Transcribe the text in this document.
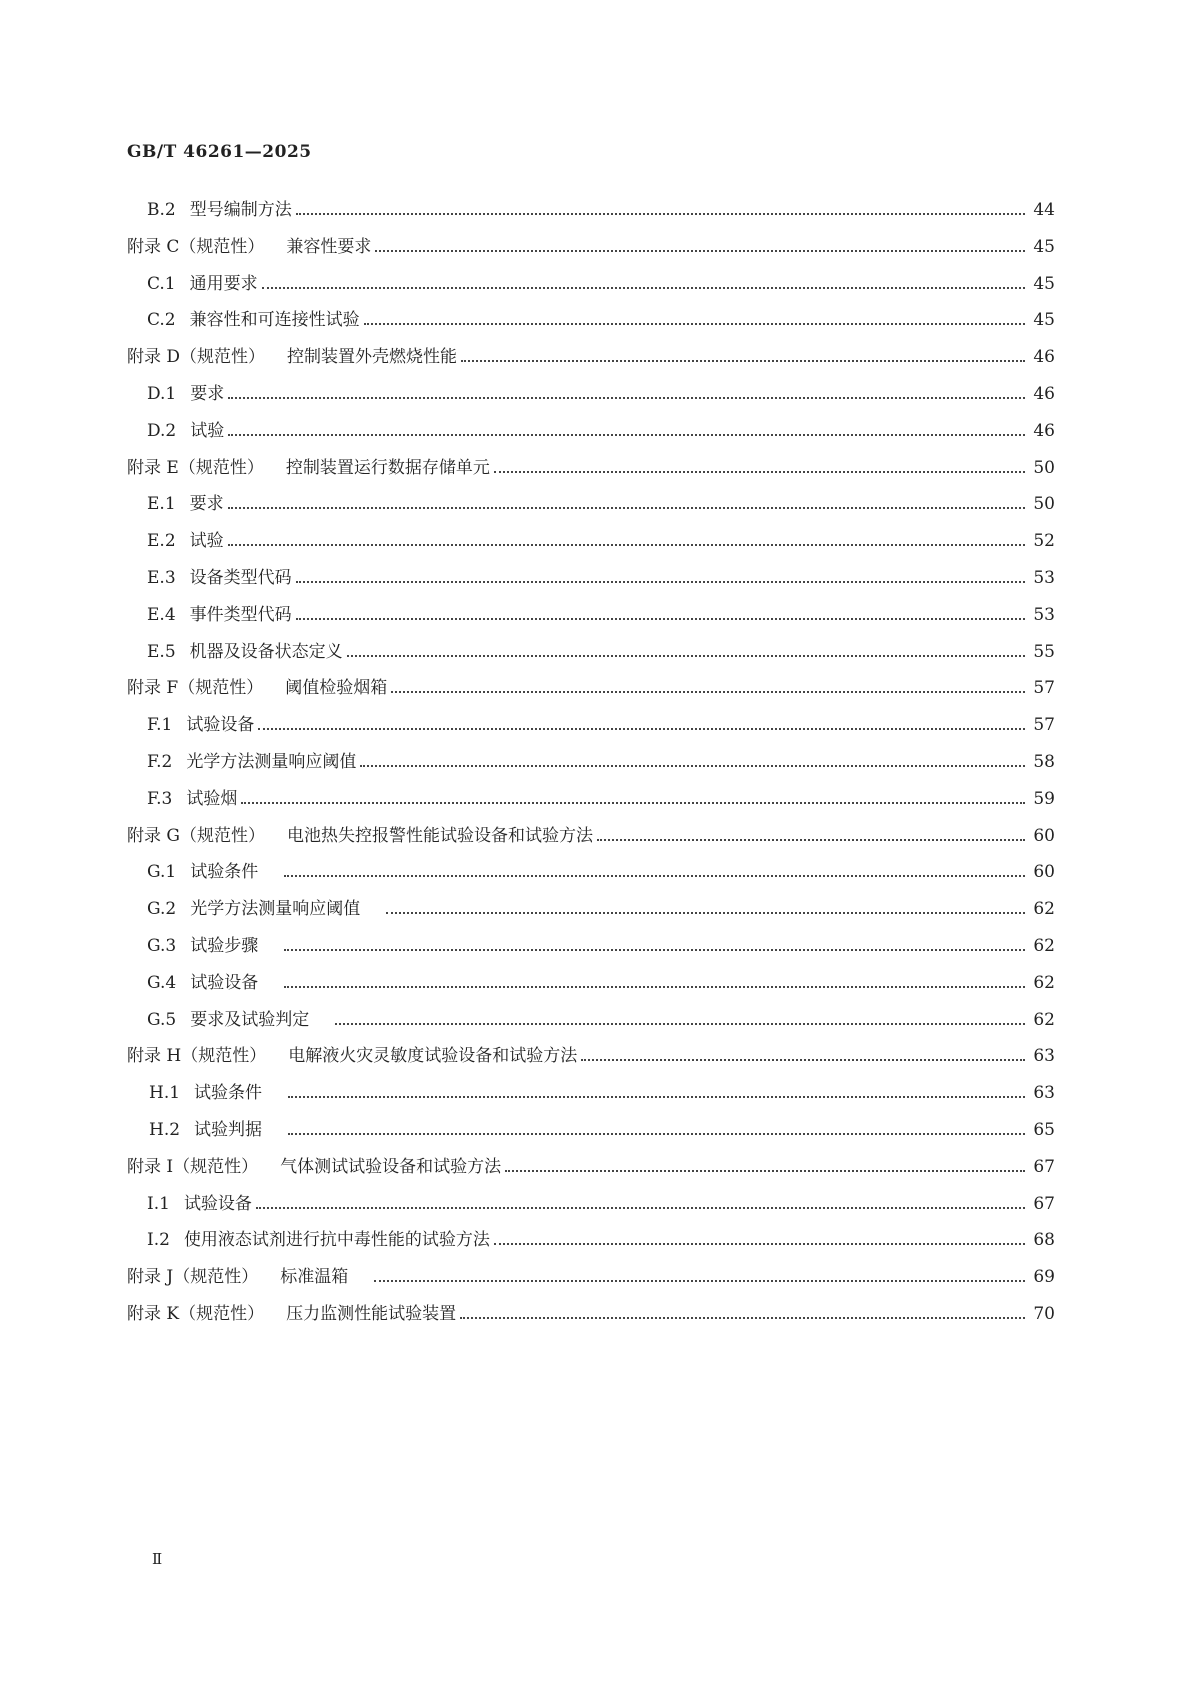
GB/T 46261—2025
B.2 型号编制方法	44
附录 C（规范性） 兼容性要求	45
C.1 通用要求	45
C.2 兼容性和可连接性试验	45
附录 D（规范性） 控制装置外壳燃烧性能	46
D.1 要求	46
D.2 试验	46
附录 E（规范性） 控制装置运行数据存储单元	50
E.1 要求	50
E.2 试验	52
E.3 设备类型代码	53
E.4 事件类型代码	53
E.5 机器及设备状态定义	55
附录 F（规范性） 阈值检验烟箱	57
F.1 试验设备	57
F.2 光学方法测量响应阈值	58
F.3 试验烟	59
附录 G（规范性） 电池热失控报警性能试验设备和试验方法	60
G.1 试验条件	60
G.2 光学方法测量响应阈值	62
G.3 试验步骤	62
G.4 试验设备	62
G.5 要求及试验判定	62
附录 H（规范性） 电解液火灾灵敏度试验设备和试验方法	63
H.1 试验条件	63
H.2 试验判据	65
附录 I（规范性） 气体测试试验设备和试验方法	67
I.1 试验设备	67
I.2 使用液态试剂进行抗中毒性能的试验方法	68
附录 J（规范性） 标准温箱	69
附录 K（规范性） 压力监测性能试验装置	70
Ⅱ
